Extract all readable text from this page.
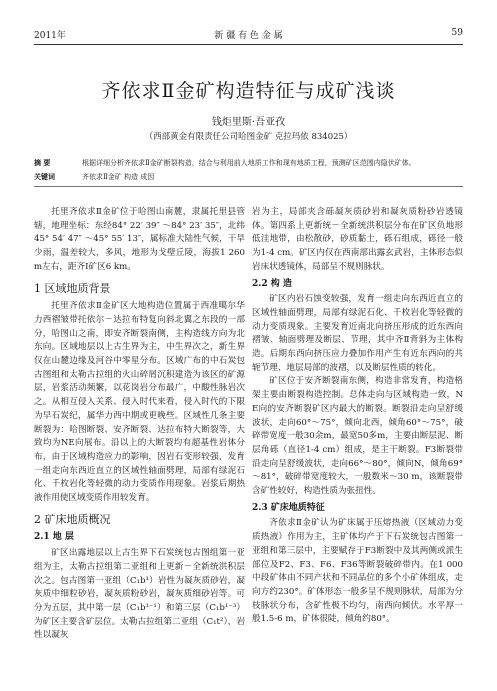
2011年	新 疆 有 色 金 属	59
齐依求Ⅱ金矿构造特征与成矿浅谈
钱炬里斯·吾亚孜
（西部黄金有限责任公司哈图金矿 克拉玛依 834025）
摘 要	根据详细分析齐依求Ⅱ金矿断裂构造，结合与利用前人地质工作和现有地质工程，预测矿区范围内隐伏矿体。
关键词	齐依求Ⅱ金矿 构造 成因

托里齐依求Ⅱ金矿位于哈图山南麓，隶属托里县管辖，地理坐标：东经84° 22′ 39″ ～84° 23′ 35″，北纬45° 54′ 47″ ～45° 55′ 13″，属标准大陆性气候，干旱少雨，温差较大，多风，地形为戈壁丘陵，海拔1 260 m左右，距齐Ⅰ矿区6 km。

1 区域地质背景

托里齐依求Ⅱ金矿区大地构造位置属于西准噶尔华力西褶皱带托依尔－达拉布特复向斜北翼之东段的一部分，哈图山之南，即安齐断裂南侧，主构造线方向为北东向。区域地层以上古生界为主，中生界次之，新生界仅在山麓边缘及河谷中零星分布。区域广布的中石炭包古图组和太勒古拉组的火山碎屑沉积建造为该区的矿源层，岩浆活动频繁，以花岗岩分布最广，中酸性脉岩次之。从相互侵入关系、侵入时代来看，侵入时代的下限为早石炭纪，属华力西中期或更晚些。区域性几条主要断裂为：哈图断裂、安齐断裂、达拉布特大断裂等，大致均为NE向展布。沿以上的大断裂均有超基性岩体分布，由于区域构造应力的影响，因岩石变形较强，发育一组走向东西近直立的区域性轴面劈理，局部有绿泥石化、千枚岩化等轻微的动力变质作用现象。岩浆后期热液作用使区域变质作用较发育。

2 矿床地质概况
2.1 地 层

矿区出露地层以上古生界下石炭统包古图组第一亚组为主，太勒古拉组第二亚组和上更新－全新统洪积层次之。包古图第一亚组（C₁b¹）岩性为凝灰质砂岩，凝灰质中细粒砂岩，凝灰质粉砂岩，凝灰质细砂岩等。可分为五层，其中第一层（C₁b¹⁻¹）和第三层（C₁b¹⁻³）为矿区主要含矿层位。太勒古拉组第二亚组（C₁t²），岩性以凝灰

岩为主，局部夹含砾凝灰质砂岩和凝灰质粉砂岩透镜体。第四系上更新统－全新统洪积层分布在矿区负地形低洼地带，由松散砂，砂质黏土，砾石组成，砾径一般为1-4 cm。矿区内仅在西南部出露玄武岩，主体形态似岩床状透镜体，局部呈不规则脉状。

2.2 构 造

矿区内岩石蚀变较强，发育一组走向东西近直立的区域性轴面劈理，局部有绿泥石化、千枚岩化等轻微的动力变质现象。主要发育近南北向挤压形成的近东西向褶皱、轴面劈理及断层、节理，其中齐Ⅱ背斜为主体构造。后期东西向挤压应力叠加作用产生有近东西向的共轭节理、地层局部的波褶，以及断层性质的转化。

矿区位于安齐断裂南东侧，构造非常发育，构造格架主要由断裂构造控制。总体走向与区域构造一致，NE向的安齐断裂矿区内最大的断裂。断裂沿走向呈舒缓波状，走向60°～75°，倾向北西，倾角60°～75°，破碎带宽度一般30余m，最宽50多m，主要由断层泥、断层角砾（直径1-4 cm）组成，是主干断裂。F3断裂带沿走向呈舒缓波状，走向66°～80°，倾向N，倾角69°～81°，破碎带宽度较大，一般数米～30 m，该断裂带含矿性较好，构造性质为张扭性。

2.3 矿床地质特征

齐依求Ⅱ金矿认为矿床属于压熔热液（区域动力变质热液）作用为主，主矿体均产于下石炭统包古图第一亚组和第三层中，主要赋存于F3断裂中及其两侧或派生部位及F2、F3、F6、F36等断裂破碎带内。在1 000中段矿体由不同产状和不同品位的多个小矿体组成，走向方约230°。矿体形态一般多呈不规则脉状，局部为分枝脉状分布，含矿性极不均匀，南西向倾伏。水平厚一般1.5-6 m，矿体很陡，倾角约80°。
